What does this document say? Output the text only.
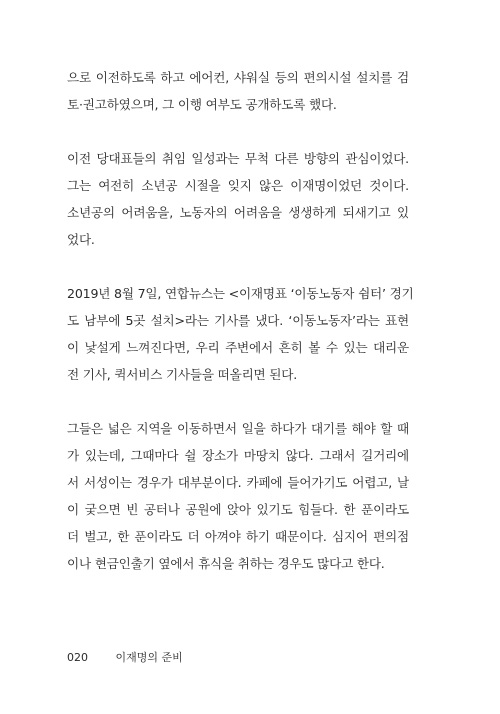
으로 이전하도록 하고 에어컨, 샤워실 등의 편의시설 설치를 검
토·권고하였으며, 그 이행 여부도 공개하도록 했다.

이전 당대표들의 취임 일성과는 무척 다른 방향의 관심이었다.
그는 여전히 소년공 시절을 잊지 않은 이재명이었던 것이다.
소년공의 어려움을, 노동자의 어려움을 생생하게 되새기고 있
었다.

2019년 8월 7일, 연합뉴스는 <이재명표 ‘이동노동자 쉼터’ 경기
도 남부에 5곳 설치>라는 기사를 냈다. ‘이동노동자’라는 표현
이 낯설게 느껴진다면, 우리 주변에서 흔히 볼 수 있는 대리운
전 기사, 퀵서비스 기사들을 떠올리면 된다.

그들은 넓은 지역을 이동하면서 일을 하다가 대기를 해야 할 때
가 있는데, 그때마다 쉴 장소가 마땅치 않다. 그래서 길거리에
서 서성이는 경우가 대부분이다. 카페에 들어가기도 어렵고, 날
이 궂으면 빈 공터나 공원에 앉아 있기도 힘들다. 한 푼이라도
더 벌고, 한 푼이라도 더 아껴야 하기 때문이다. 심지어 편의점
이나 현금인출기 옆에서 휴식을 취하는 경우도 많다고 한다.

020	이재명의 준비
